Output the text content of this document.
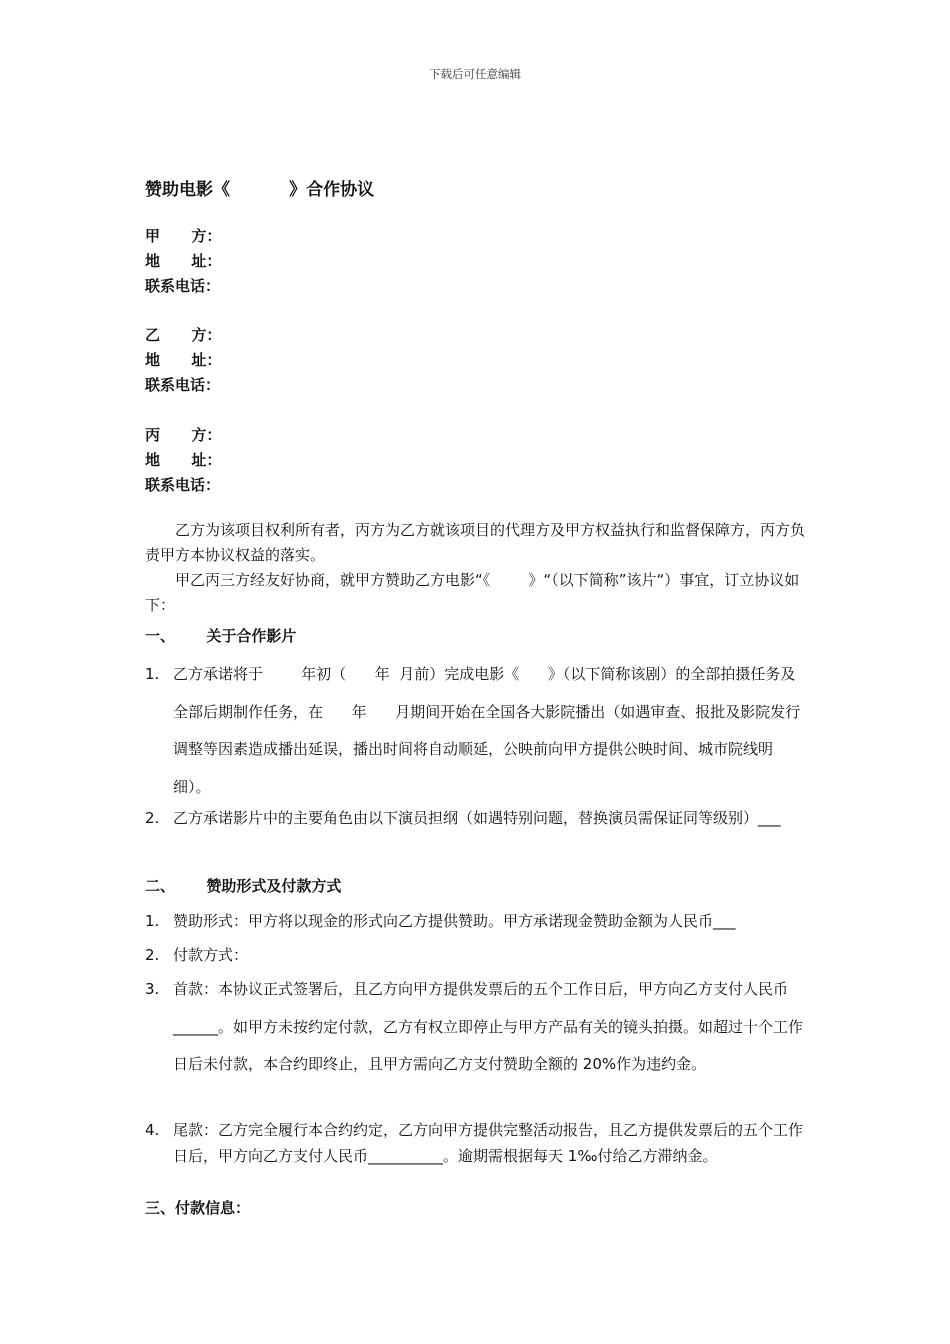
下载后可任意编辑
赞助电影《          》合作协议
甲      方：
地      址：
联系电话：
乙      方：
地      址：
联系电话：
丙      方：
地      址：
联系电话：
乙方为该项目权利所有者，丙方为乙方就该项目的代理方及甲方权益执行和监督保障方，丙方负责甲方本协议权益的落实。
甲乙丙三方经友好协商，就甲方赞助乙方电影“《        》“（以下简称”该片“）事宜，订立协议如下：
一、      关于合作影片
1. 乙方承诺将于        年初（      年  月前）完成电影《      》（以下简称该剧）的全部拍摄任务及全部后期制作任务，在      年      月期间开始在全国各大影院播出（如遇审查、报批及影院发行调整等因素造成播出延误，播出时间将自动顺延，公映前向甲方提供公映时间、城市院线明细）。
2. 乙方承诺影片中的主要角色由以下演员担纲（如遇特别问题，替换演员需保证同等级别）___
二、      赞助形式及付款方式
1. 赞助形式：甲方将以现金的形式向乙方提供赞助。甲方承诺现金赞助金额为人民币___
2. 付款方式：
3. 首款：本协议正式签署后，且乙方向甲方提供发票后的五个工作日后，甲方向乙方支付人民币______。如甲方未按约定付款，乙方有权立即停止与甲方产品有关的镜头拍摄。如超过十个工作日后未付款，本合约即终止，且甲方需向乙方支付赞助全额的 20%作为违约金。
4. 尾款：乙方完全履行本合约约定，乙方向甲方提供完整活动报告，且乙方提供发票后的五个工作日后，甲方向乙方支付人民币__________。逾期需根据每天 1‰付给乙方滞纳金。
三、付款信息：
